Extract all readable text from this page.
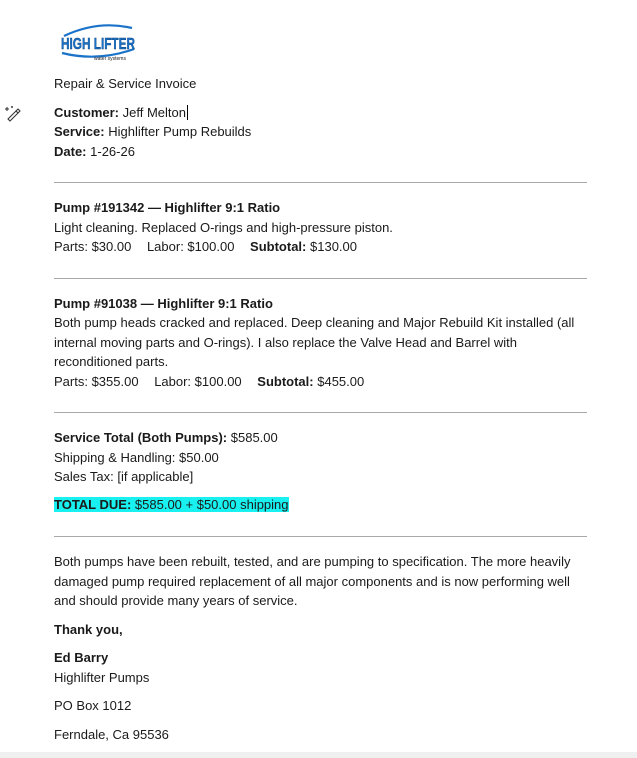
HIGH LIFTER
water systems
Repair & Service Invoice
Customer: Jeff Melton
Service: Highlifter Pump Rebuilds
Date: 1-26-26
Pump #191342 — Highlifter 9:1 Ratio
Light cleaning. Replaced O-rings and high-pressure piston.
Parts: $30.00 Labor: $100.00 Subtotal: $130.00
Pump #91038 — Highlifter 9:1 Ratio
Both pump heads cracked and replaced. Deep cleaning and Major Rebuild Kit installed (all internal moving parts and O-rings). I also replace the Valve Head and Barrel with reconditioned parts.
Parts: $355.00 Labor: $100.00 Subtotal: $455.00
Service Total (Both Pumps): $585.00
Shipping & Handling: $50.00
Sales Tax: [if applicable]
TOTAL DUE: $585.00 + $50.00 shipping
Both pumps have been rebuilt, tested, and are pumping to specification. The more heavily damaged pump required replacement of all major components and is now performing well and should provide many years of service.
Thank you,
Ed Barry
Highlifter Pumps
PO Box 1012
Ferndale, Ca 95536
